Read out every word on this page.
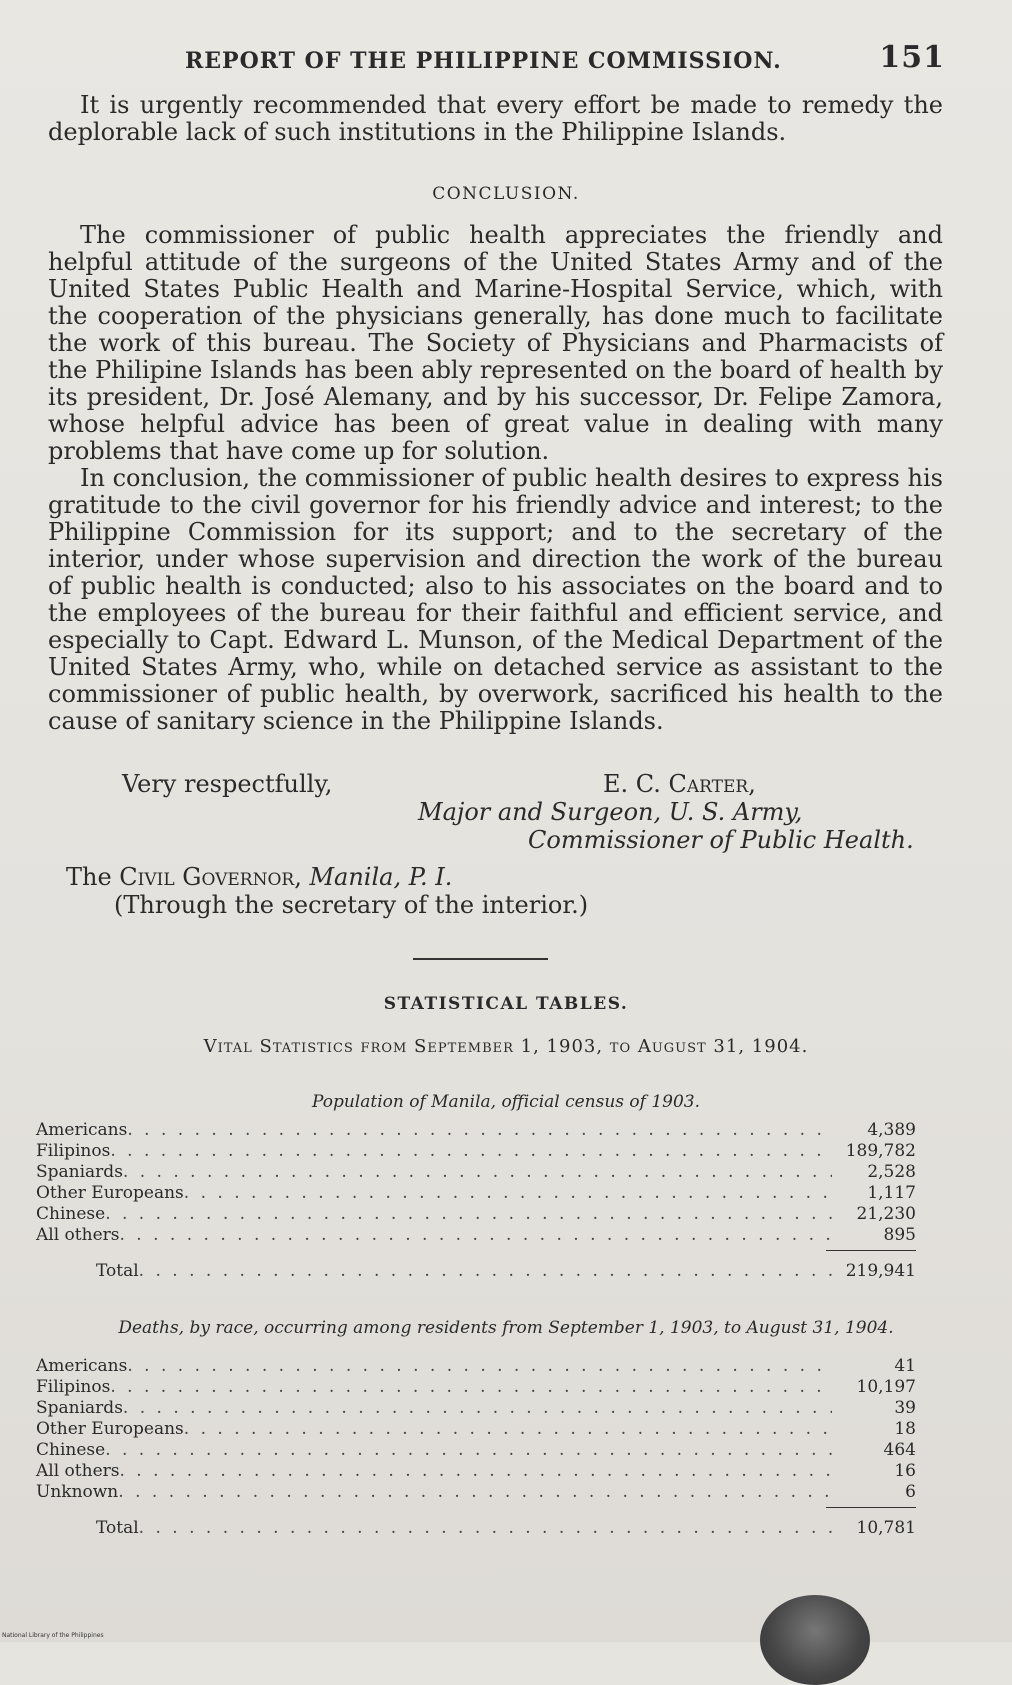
REPORT OF THE PHILIPPINE COMMISSION.	151

It is urgently recommended that every effort be made to remedy the deplorable lack of such institutions in the Philippine Islands.

CONCLUSION.

The commissioner of public health appreciates the friendly and helpful attitude of the surgeons of the United States Army and of the United States Public Health and Marine-Hospital Service, which, with the cooperation of the physicians generally, has done much to facilitate the work of this bureau. The Society of Physicians and Pharmacists of the Philipine Islands has been ably represented on the board of health by its president, Dr. José Alemany, and by his successor, Dr. Felipe Zamora, whose helpful advice has been of great value in dealing with many problems that have come up for solution.

In conclusion, the commissioner of public health desires to express his gratitude to the civil governor for his friendly advice and interest; to the Philippine Commission for its support; and to the secretary of the interior, under whose supervision and direction the work of the bureau of public health is conducted; also to his associates on the board and to the employees of the bureau for their faithful and efficient service, and especially to Capt. Edward L. Munson, of the Medical Department of the United States Army, who, while on detached service as assistant to the commissioner of public health, by overwork, sacrificed his health to the cause of sanitary science in the Philippine Islands.

Very respectfully,	E. C. Carter,
Major and Surgeon, U. S. Army,
Commissioner of Public Health.
The Civil Governor, Manila, P. I.
(Through the secretary of the interior.)
STATISTICAL TABLES.
Vital Statistics from September 1, 1903, to August 31, 1904.
Population of Manila, official census of 1903.
Americans . . .	4,389
Filipinos . . .	189,782
Spaniards . . .	2,528
Other Europeans . . .	1,117
Chinese . . .	21,230
All others . . .	895
Total . . .	219,941
Deaths, by race, occurring among residents from September 1, 1903, to August 31, 1904.
Americans . . .	41
Filipinos . . .	10,197
Spaniards . . .	39
Other Europeans . . .	18
Chinese . . .	464
All others . . .	16
Unknown . . .	6
Total . . .	10,781
National Library of the Philippines
